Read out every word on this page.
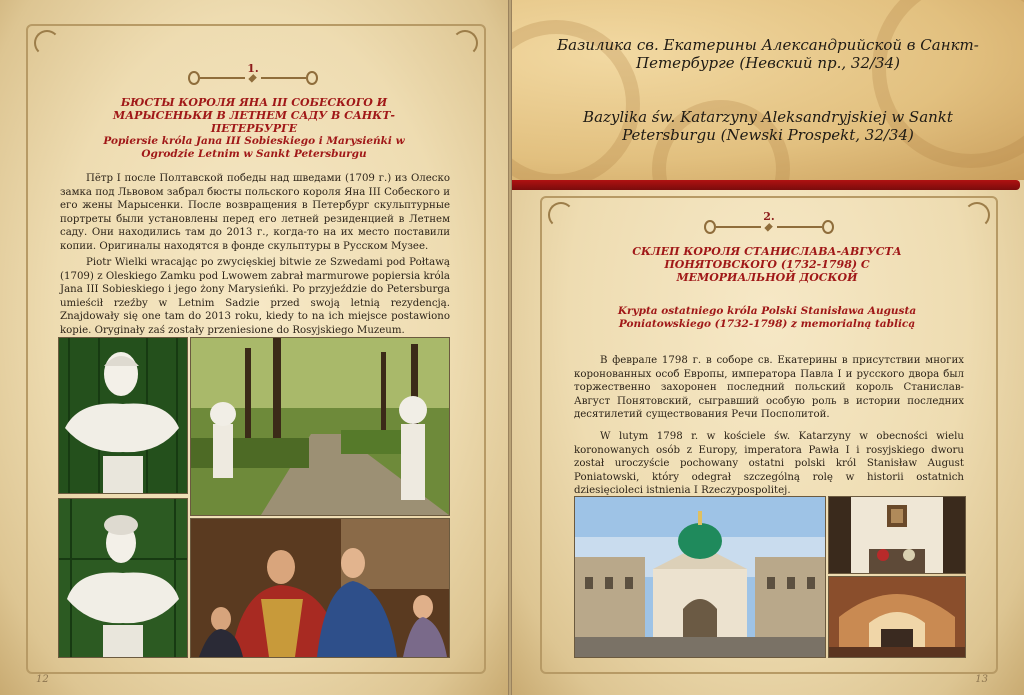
1.
БЮСТЫ КОРОЛЯ ЯНА III СОБЕСКОГО И МАРЫСЕНЬКИ В ЛЕТНЕМ САДУ В САНКТ-ПЕТЕРБУРГЕ
Popiersie króla Jana III Sobieskiego i Marysieńki w Ogrodzie Letnim w Sankt Petersburgu

Пётр I после Полтавской победы над шведами (1709 г.) из Олеско замка под Львовом забрал бюсты польского короля Яна III Собеского и его жены Марысенки. После возвращения в Петербург скульптурные портреты были установлены перед его летней резиденцией в Летнем саду. Они находились там до 2013 г., когда-то на их место поставили копии. Оригиналы находятся в фонде скульптуры в Русском Музее.

Piotr Wielki wracając po zwycięskiej bitwie ze Szwedami pod Połtawą (1709) z Oleskiego Zamku pod Lwowem zabrał marmurowe popiersia króla Jana III Sobieskiego i jego żony Marysieńki. Po przyjeździe do Petersburga umieścił rzeźby w Letnim Sadzie przed swoją letnią rezydencją. Znajdowały się one tam do 2013 roku, kiedy to na ich miejsce postawiono kopie. Oryginały zaś zostały przeniesione do Rosyjskiego Muzeum.

12
Базилика св. Екатерины Александрийской в Санкт-Петербурге (Невский пр., 32/34)
Bazylika św. Katarzyny Aleksandryjskiej w Sankt Petersburgu (Newski Prospekt, 32/34)
2.
СКЛЕП КОРОЛЯ СТАНИСЛАВА-АВГУСТА ПОНЯТОВСКОГО (1732-1798) С МЕМОРИАЛЬНОЙ ДОСКОЙ
Krypta ostatniego króla Polski Stanisława Augusta Poniatowskiego (1732-1798) z memorialną tablicą

В феврале 1798 г. в соборе св. Екатерины в присутствии многих коронованных особ Европы, императора Павла I и русского двора был торжественно захоронен последний польский король Станислав-Август Понятовский, сыгравший особую роль в истории последних десятилетий существования Речи Посполитой.

W lutym 1798 r. w kościele św. Katarzyny w obecności wielu koronowanych osób z Europy, imperatora Pawła I i rosyjskiego dworu został uroczyście pochowany ostatni polski król Stanisław August Poniatowski, który odegrał szczególną rolę w historii ostatnich dziesięcioleci istnienia I Rzeczypospolitej.

13
